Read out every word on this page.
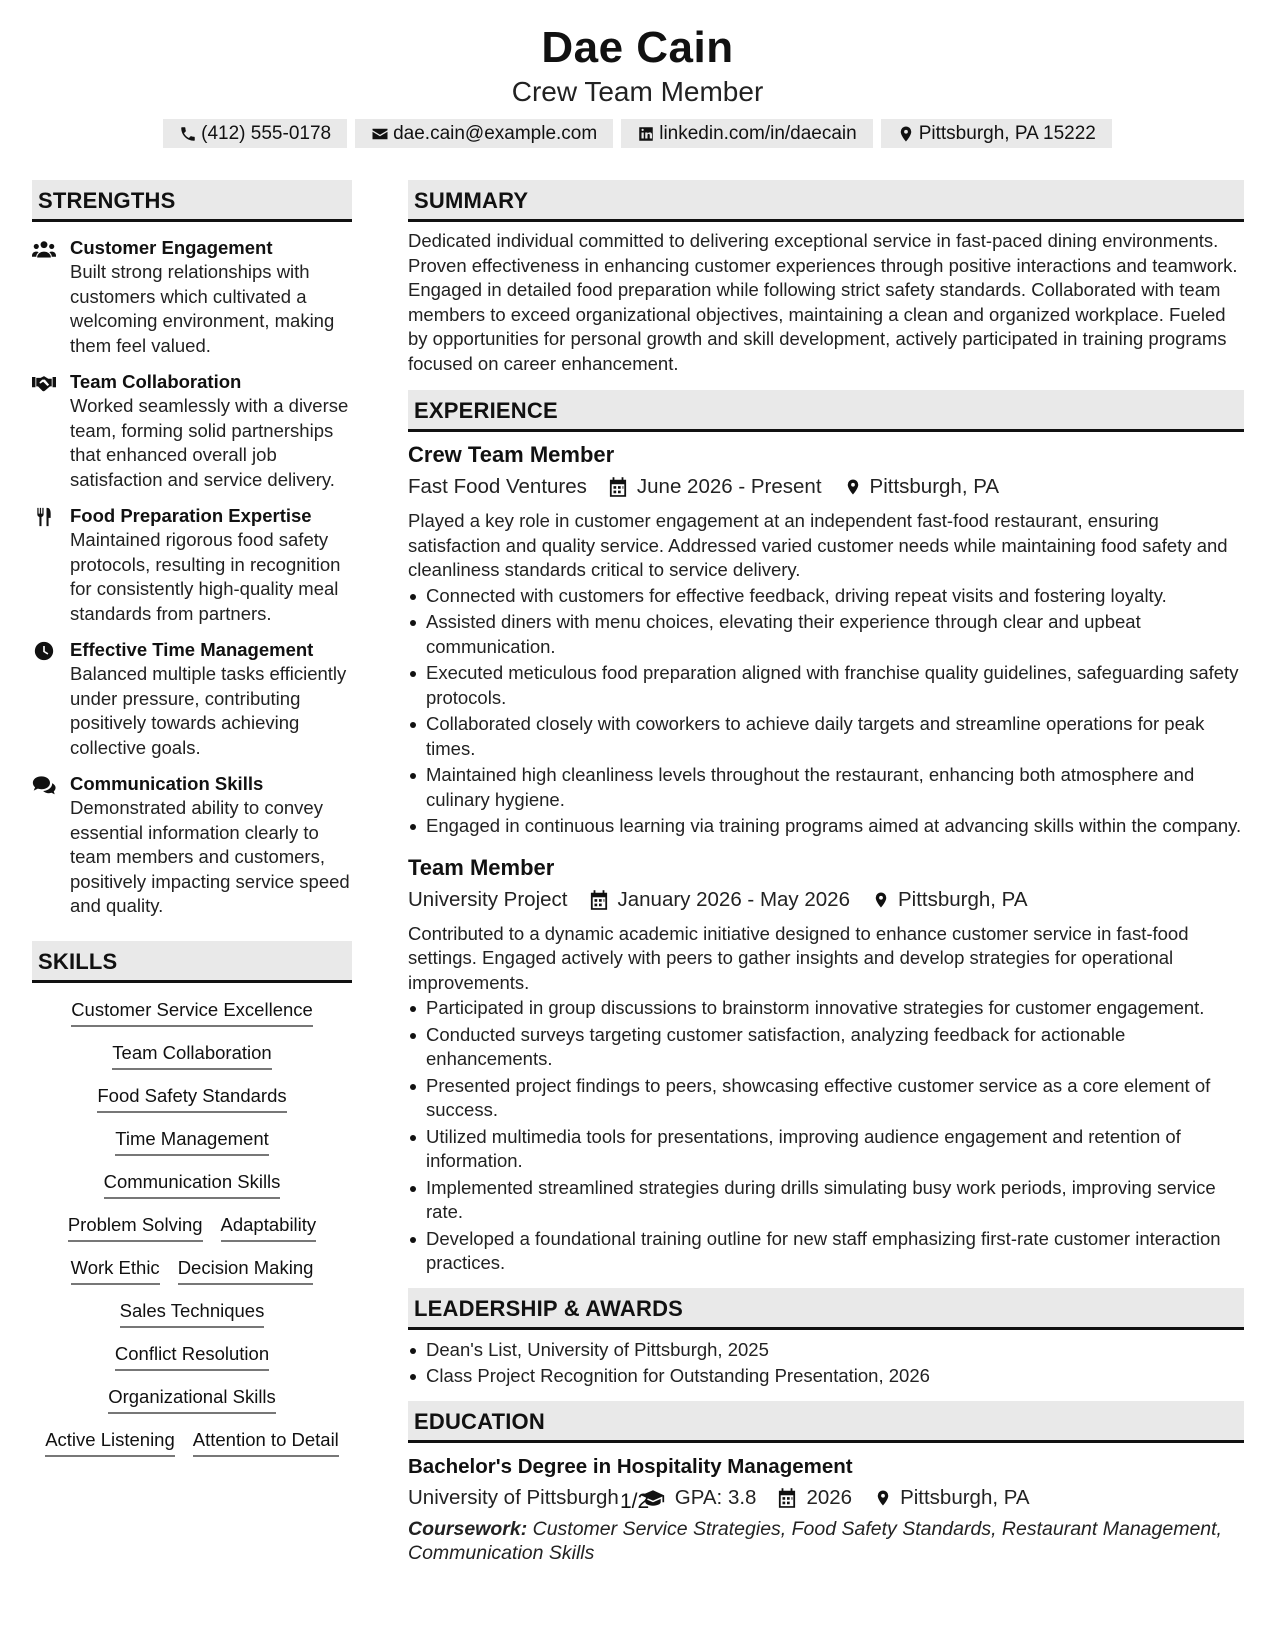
Dae Cain
Crew Team Member
(412) 555-0178	dae.cain@example.com	linkedin.com/in/daecain	Pittsburgh, PA 15222
STRENGTHS
Customer Engagement
Built strong relationships with customers which cultivated a welcoming environment, making them feel valued.
Team Collaboration
Worked seamlessly with a diverse team, forming solid partnerships that enhanced overall job satisfaction and service delivery.
Food Preparation Expertise
Maintained rigorous food safety protocols, resulting in recognition for consistently high-quality meal standards from partners.
Effective Time Management
Balanced multiple tasks efficiently under pressure, contributing positively towards achieving collective goals.
Communication Skills
Demonstrated ability to convey essential information clearly to team members and customers, positively impacting service speed and quality.
SKILLS
Customer Service Excellence
Team Collaboration
Food Safety Standards
Time Management
Communication Skills
Problem Solving Adaptability
Work Ethic Decision Making
Sales Techniques
Conflict Resolution
Organizational Skills
Active Listening Attention to Detail
SUMMARY
Dedicated individual committed to delivering exceptional service in fast-paced dining environments. Proven effectiveness in enhancing customer experiences through positive interactions and teamwork. Engaged in detailed food preparation while following strict safety standards. Collaborated with team members to exceed organizational objectives, maintaining a clean and organized workplace. Fueled by opportunities for personal growth and skill development, actively participated in training programs focused on career enhancement.
EXPERIENCE
Crew Team Member
Fast Food Ventures June 2026 - Present Pittsburgh, PA
Played a key role in customer engagement at an independent fast-food restaurant, ensuring satisfaction and quality service. Addressed varied customer needs while maintaining food safety and cleanliness standards critical to service delivery.
Connected with customers for effective feedback, driving repeat visits and fostering loyalty.
Assisted diners with menu choices, elevating their experience through clear and upbeat communication.
Executed meticulous food preparation aligned with franchise quality guidelines, safeguarding safety protocols.
Collaborated closely with coworkers to achieve daily targets and streamline operations for peak times.
Maintained high cleanliness levels throughout the restaurant, enhancing both atmosphere and culinary hygiene.
Engaged in continuous learning via training programs aimed at advancing skills within the company.
Team Member
University Project January 2026 - May 2026 Pittsburgh, PA
Contributed to a dynamic academic initiative designed to enhance customer service in fast-food settings. Engaged actively with peers to gather insights and develop strategies for operational improvements.
Participated in group discussions to brainstorm innovative strategies for customer engagement.
Conducted surveys targeting customer satisfaction, analyzing feedback for actionable enhancements.
Presented project findings to peers, showcasing effective customer service as a core element of success.
Utilized multimedia tools for presentations, improving audience engagement and retention of information.
Implemented streamlined strategies during drills simulating busy work periods, improving service rate.
Developed a foundational training outline for new staff emphasizing first-rate customer interaction practices.
LEADERSHIP & AWARDS
Dean's List, University of Pittsburgh, 2025
Class Project Recognition for Outstanding Presentation, 2026
EDUCATION
Bachelor's Degree in Hospitality Management
University of Pittsburgh	GPA: 3.8 2026 Pittsburgh, PA
Coursework: Customer Service Strategies, Food Safety Standards, Restaurant Management, Communication Skills
1/2
